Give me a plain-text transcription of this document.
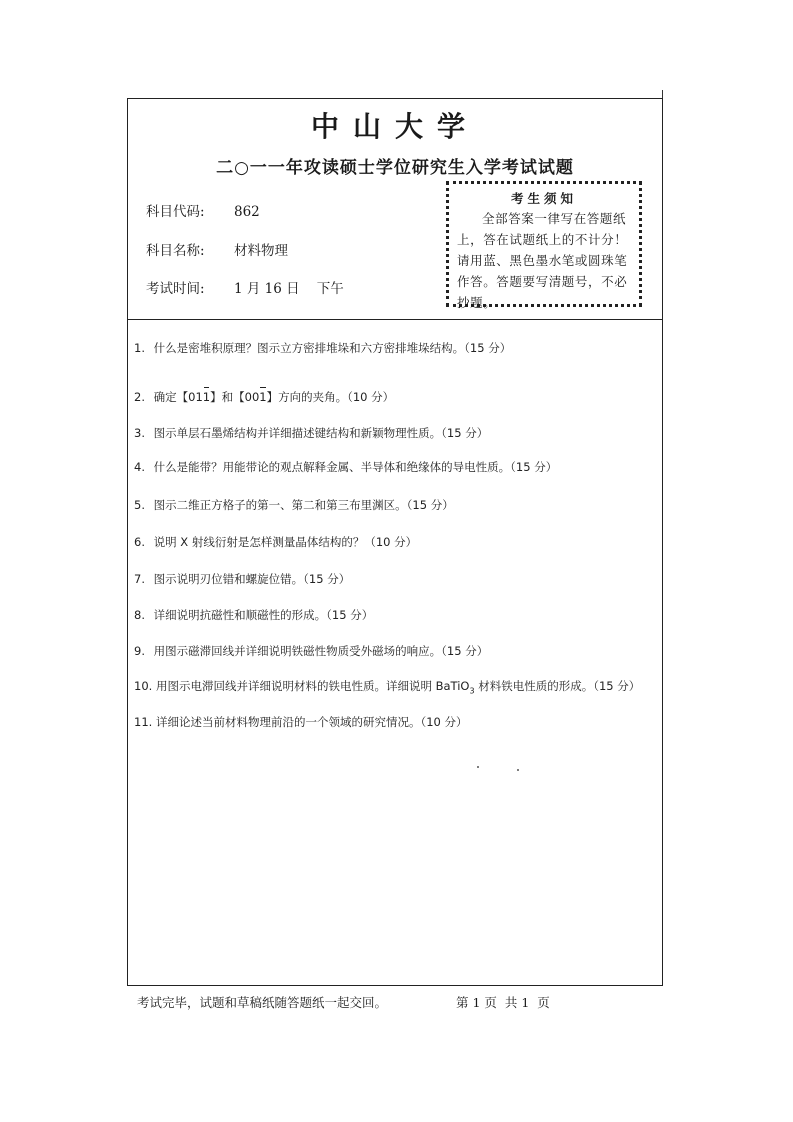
中山大学
二○一一年攻读硕士学位研究生入学考试试题
科目代码: 862
科目名称: 材料物理
考试时间: 1 月 16 日    下午
考生须知
全部答案一律写在答题纸上，答在试题纸上的不计分！请用蓝、黑色墨水笔或圆珠笔作答。答题要写清题号，不必抄题。
1. 什么是密堆积原理？图示立方密排堆垛和六方密排堆垛结构。（15 分）
2. 确定【011】和【001】方向的夹角。（10 分）
3. 图示单层石墨烯结构并详细描述键结构和新颖物理性质。（15 分）
4. 什么是能带？用能带论的观点解释金属、半导体和绝缘体的导电性质。（15 分）
5. 图示二维正方格子的第一、第二和第三布里渊区。（15 分）
6. 说明 X 射线衍射是怎样测量晶体结构的？（10 分）
7. 图示说明刃位错和螺旋位错。（15 分）
8. 详细说明抗磁性和顺磁性的形成。（15 分）
9. 用图示磁滞回线并详细说明铁磁性物质受外磁场的响应。（15 分）
10. 用图示电滞回线并详细说明材料的铁电性质。详细说明 BaTiO$_3$ 材料铁电性质的形成。（15 分）
11. 详细论述当前材料物理前沿的一个领域的研究情况。（10 分）
考试完毕，试题和草稿纸随答题纸一起交回。	第 1 页  共 1  页
